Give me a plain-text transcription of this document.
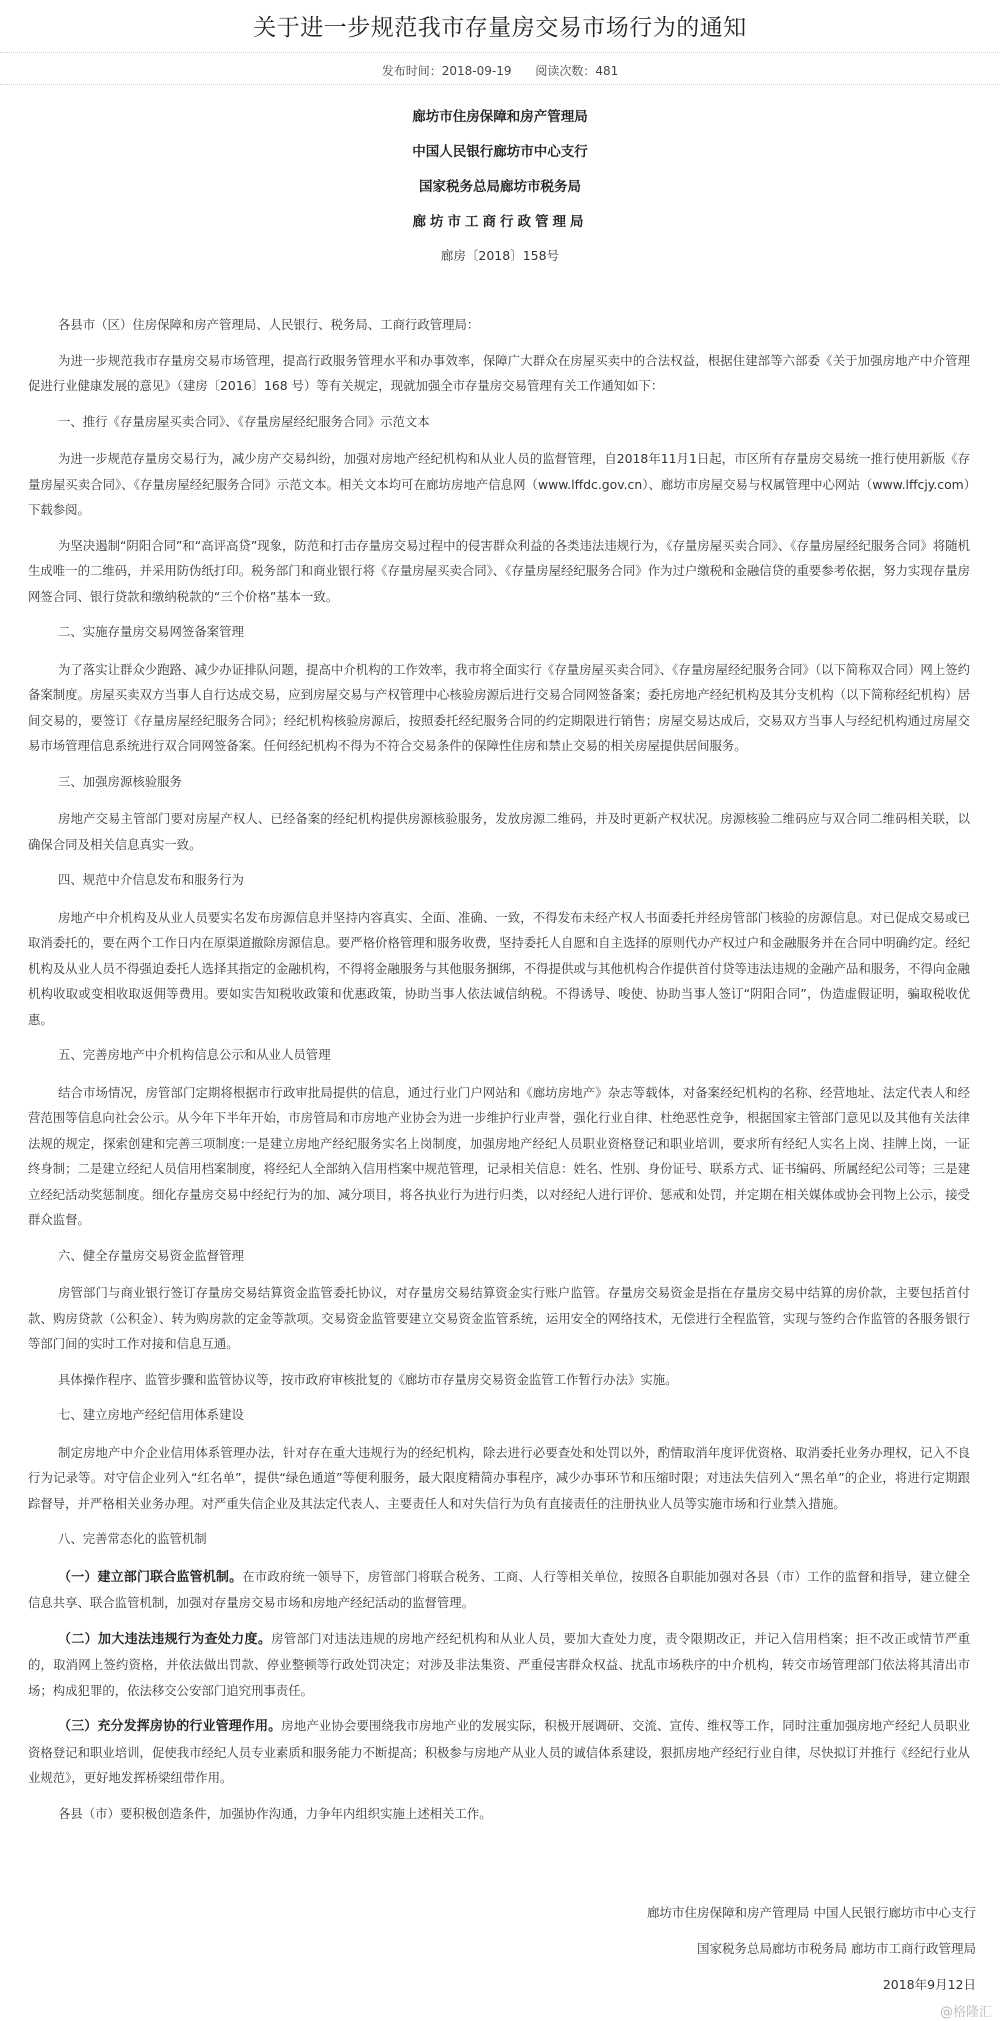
关于进一步规范我市存量房交易市场行为的通知
发布时间：2018-09-19 阅读次数：481
廊坊市住房保障和房产管理局
中国人民银行廊坊市中心支行
国家税务总局廊坊市税务局
廊坊市工商行政管理局
廊房〔2018〕158号

各县市（区）住房保障和房产管理局、人民银行、税务局、工商行政管理局：

为进一步规范我市存量房交易市场管理，提高行政服务管理水平和办事效率，保障广大群众在房屋买卖中的合法权益，根据住建部等六部委《关于加强房地产中介管理促进行业健康发展的意见》（建房〔2016〕168 号）等有关规定，现就加强全市存量房交易管理有关工作通知如下：

一、推行《存量房屋买卖合同》、《存量房屋经纪服务合同》示范文本

为进一步规范存量房交易行为，减少房产交易纠纷，加强对房地产经纪机构和从业人员的监督管理，自2018年11月1日起，市区所有存量房交易统一推行使用新版《存量房屋买卖合同》、《存量房屋经纪服务合同》示范文本。相关文本均可在廊坊房地产信息网（www.lffdc.gov.cn）、廊坊市房屋交易与权属管理中心网站（www.lffcjy.com）下载参阅。

为坚决遏制“阴阳合同”和“高评高贷”现象，防范和打击存量房交易过程中的侵害群众利益的各类违法违规行为，《存量房屋买卖合同》、《存量房屋经纪服务合同》将随机生成唯一的二维码，并采用防伪纸打印。税务部门和商业银行将《存量房屋买卖合同》、《存量房屋经纪服务合同》作为过户缴税和金融信贷的重要参考依据，努力实现存量房网签合同、银行贷款和缴纳税款的“三个价格”基本一致。

二、实施存量房交易网签备案管理

为了落实让群众少跑路、减少办证排队问题，提高中介机构的工作效率，我市将全面实行《存量房屋买卖合同》、《存量房屋经纪服务合同》（以下简称双合同）网上签约备案制度。房屋买卖双方当事人自行达成交易，应到房屋交易与产权管理中心核验房源后进行交易合同网签备案；委托房地产经纪机构及其分支机构（以下简称经纪机构）居间交易的，要签订《存量房屋经纪服务合同》；经纪机构核验房源后，按照委托经纪服务合同的约定期限进行销售；房屋交易达成后，交易双方当事人与经纪机构通过房屋交易市场管理信息系统进行双合同网签备案。任何经纪机构不得为不符合交易条件的保障性住房和禁止交易的相关房屋提供居间服务。

三、加强房源核验服务

房地产交易主管部门要对房屋产权人、已经备案的经纪机构提供房源核验服务，发放房源二维码，并及时更新产权状况。房源核验二维码应与双合同二维码相关联，以确保合同及相关信息真实一致。

四、规范中介信息发布和服务行为

房地产中介机构及从业人员要实名发布房源信息并坚持内容真实、全面、准确、一致，不得发布未经产权人书面委托并经房管部门核验的房源信息。对已促成交易或已取消委托的，要在两个工作日内在原渠道撤除房源信息。要严格价格管理和服务收费，坚持委托人自愿和自主选择的原则代办产权过户和金融服务并在合同中明确约定。经纪机构及从业人员不得强迫委托人选择其指定的金融机构，不得将金融服务与其他服务捆绑，不得提供或与其他机构合作提供首付贷等违法违规的金融产品和服务，不得向金融机构收取或变相收取返佣等费用。要如实告知税收政策和优惠政策，协助当事人依法诚信纳税。不得诱导、唆使、协助当事人签订“阴阳合同”，伪造虚假证明，骗取税收优惠。

五、完善房地产中介机构信息公示和从业人员管理

结合市场情况，房管部门定期将根据市行政审批局提供的信息，通过行业门户网站和《廊坊房地产》杂志等载体，对备案经纪机构的名称、经营地址、法定代表人和经营范围等信息向社会公示。从今年下半年开始，市房管局和市房地产业协会为进一步维护行业声誉，强化行业自律、杜绝恶性竞争，根据国家主管部门意见以及其他有关法律法规的规定，探索创建和完善三项制度:一是建立房地产经纪服务实名上岗制度，加强房地产经纪人员职业资格登记和职业培训，要求所有经纪人实名上岗、挂牌上岗，一证终身制；二是建立经纪人员信用档案制度，将经纪人全部纳入信用档案中规范管理，记录相关信息：姓名、性别、身份证号、联系方式、证书编码、所属经纪公司等；三是建立经纪活动奖惩制度。细化存量房交易中经纪行为的加、减分项目，将各执业行为进行归类，以对经纪人进行评价、惩戒和处罚，并定期在相关媒体或协会刊物上公示，接受群众监督。

六、健全存量房交易资金监督管理

房管部门与商业银行签订存量房交易结算资金监管委托协议，对存量房交易结算资金实行账户监管。存量房交易资金是指在存量房交易中结算的房价款，主要包括首付款、购房贷款（公积金）、转为购房款的定金等款项。交易资金监管要建立交易资金监管系统，运用安全的网络技术，无偿进行全程监管，实现与签约合作监管的各服务银行等部门间的实时工作对接和信息互通。

具体操作程序、监管步骤和监管协议等，按市政府审核批复的《廊坊市存量房交易资金监管工作暂行办法》实施。

七、建立房地产经纪信用体系建设

制定房地产中介企业信用体系管理办法，针对存在重大违规行为的经纪机构，除去进行必要查处和处罚以外，酌情取消年度评优资格、取消委托业务办理权，记入不良行为记录等。对守信企业列入“红名单”，提供“绿色通道”等便利服务，最大限度精简办事程序，减少办事环节和压缩时限；对违法失信列入“黑名单”的企业，将进行定期跟踪督导，并严格相关业务办理。对严重失信企业及其法定代表人、主要责任人和对失信行为负有直接责任的注册执业人员等实施市场和行业禁入措施。

八、完善常态化的监管机制

（一）建立部门联合监管机制。在市政府统一领导下，房管部门将联合税务、工商、人行等相关单位，按照各自职能加强对各县（市）工作的监督和指导，建立健全信息共享、联合监管机制，加强对存量房交易市场和房地产经纪活动的监督管理。

（二）加大违法违规行为查处力度。房管部门对违法违规的房地产经纪机构和从业人员，要加大查处力度，责令限期改正，并记入信用档案；拒不改正或情节严重的，取消网上签约资格，并依法做出罚款、停业整顿等行政处罚决定；对涉及非法集资、严重侵害群众权益、扰乱市场秩序的中介机构，转交市场管理部门依法将其清出市场；构成犯罪的，依法移交公安部门追究刑事责任。

（三）充分发挥房协的行业管理作用。房地产业协会要围绕我市房地产业的发展实际，积极开展调研、交流、宣传、维权等工作，同时注重加强房地产经纪人员职业资格登记和职业培训，促使我市经纪人员专业素质和服务能力不断提高；积极参与房地产从业人员的诚信体系建设，狠抓房地产经纪行业自律，尽快拟订并推行《经纪行业从业规范》，更好地发挥桥梁纽带作用。

各县（市）要积极创造条件，加强协作沟通，力争年内组织实施上述相关工作。

廊坊市住房保障和房产管理局 中国人民银行廊坊市中心支行
国家税务总局廊坊市税务局 廊坊市工商行政管理局
2018年9月12日
@格隆汇
